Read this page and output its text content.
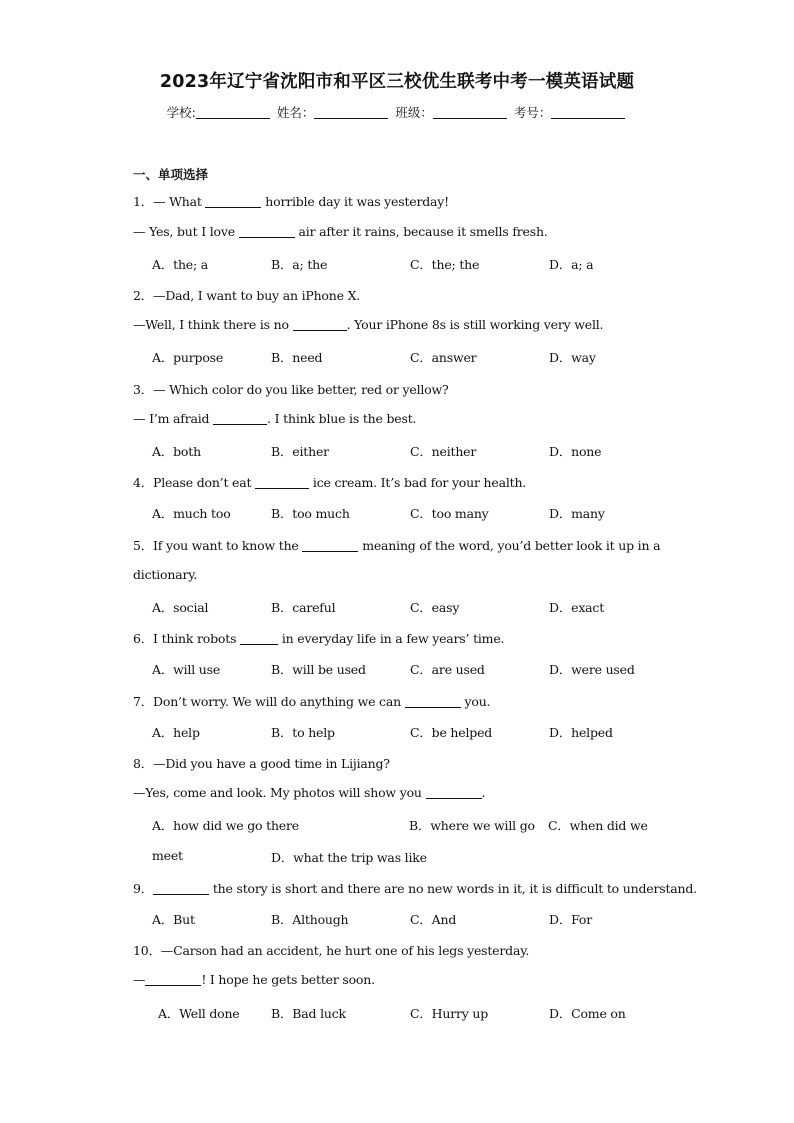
2023年辽宁省沈阳市和平区三校优生联考中考一模英语试题
学校:	姓名：	班级：	考号：
一、单项选择
1．— What	horrible day it was yesterday!
— Yes, but I love	air after it rains, because it smells fresh.
A．the; a	B．a; the	C．the; the	D．a; a
2．—Dad, I want to buy an iPhone X.
—Well, I think there is no	. Your iPhone 8s is still working very well.
A．purpose	B．need	C．answer	D．way
3．— Which color do you like better, red or yellow?
— I’m afraid	. I think blue is the best.
A．both	B．either	C．neither	D．none
4．Please don’t eat	ice cream. It’s bad for your health.
A．much too	B．too much	C．too many	D．many
5．If you want to know the	meaning of the word, you’d better look it up in a
dictionary.
A．social	B．careful	C．easy	D．exact
6．I think robots	in everyday life in a few years’ time.
A．will use	B．will be used	C．are used	D．were used
7．Don’t worry. We will do anything we can	you.
A．help	B．to help	C．be helped	D．helped
8．—Did you have a good time in Lijiang?
—Yes, come and look. My photos will show you	.
A．how did we go there	B．where we will go C．when did we
meet	D．what the trip was like
9．	the story is short and there are no new words in it, it is difficult to understand.
A．But	B．Although	C．And	D．For
10．—Carson had an accident, he hurt one of his legs yesterday.
—	! I hope he gets better soon.
A．Well done	B．Bad luck	C．Hurry up	D．Come on
